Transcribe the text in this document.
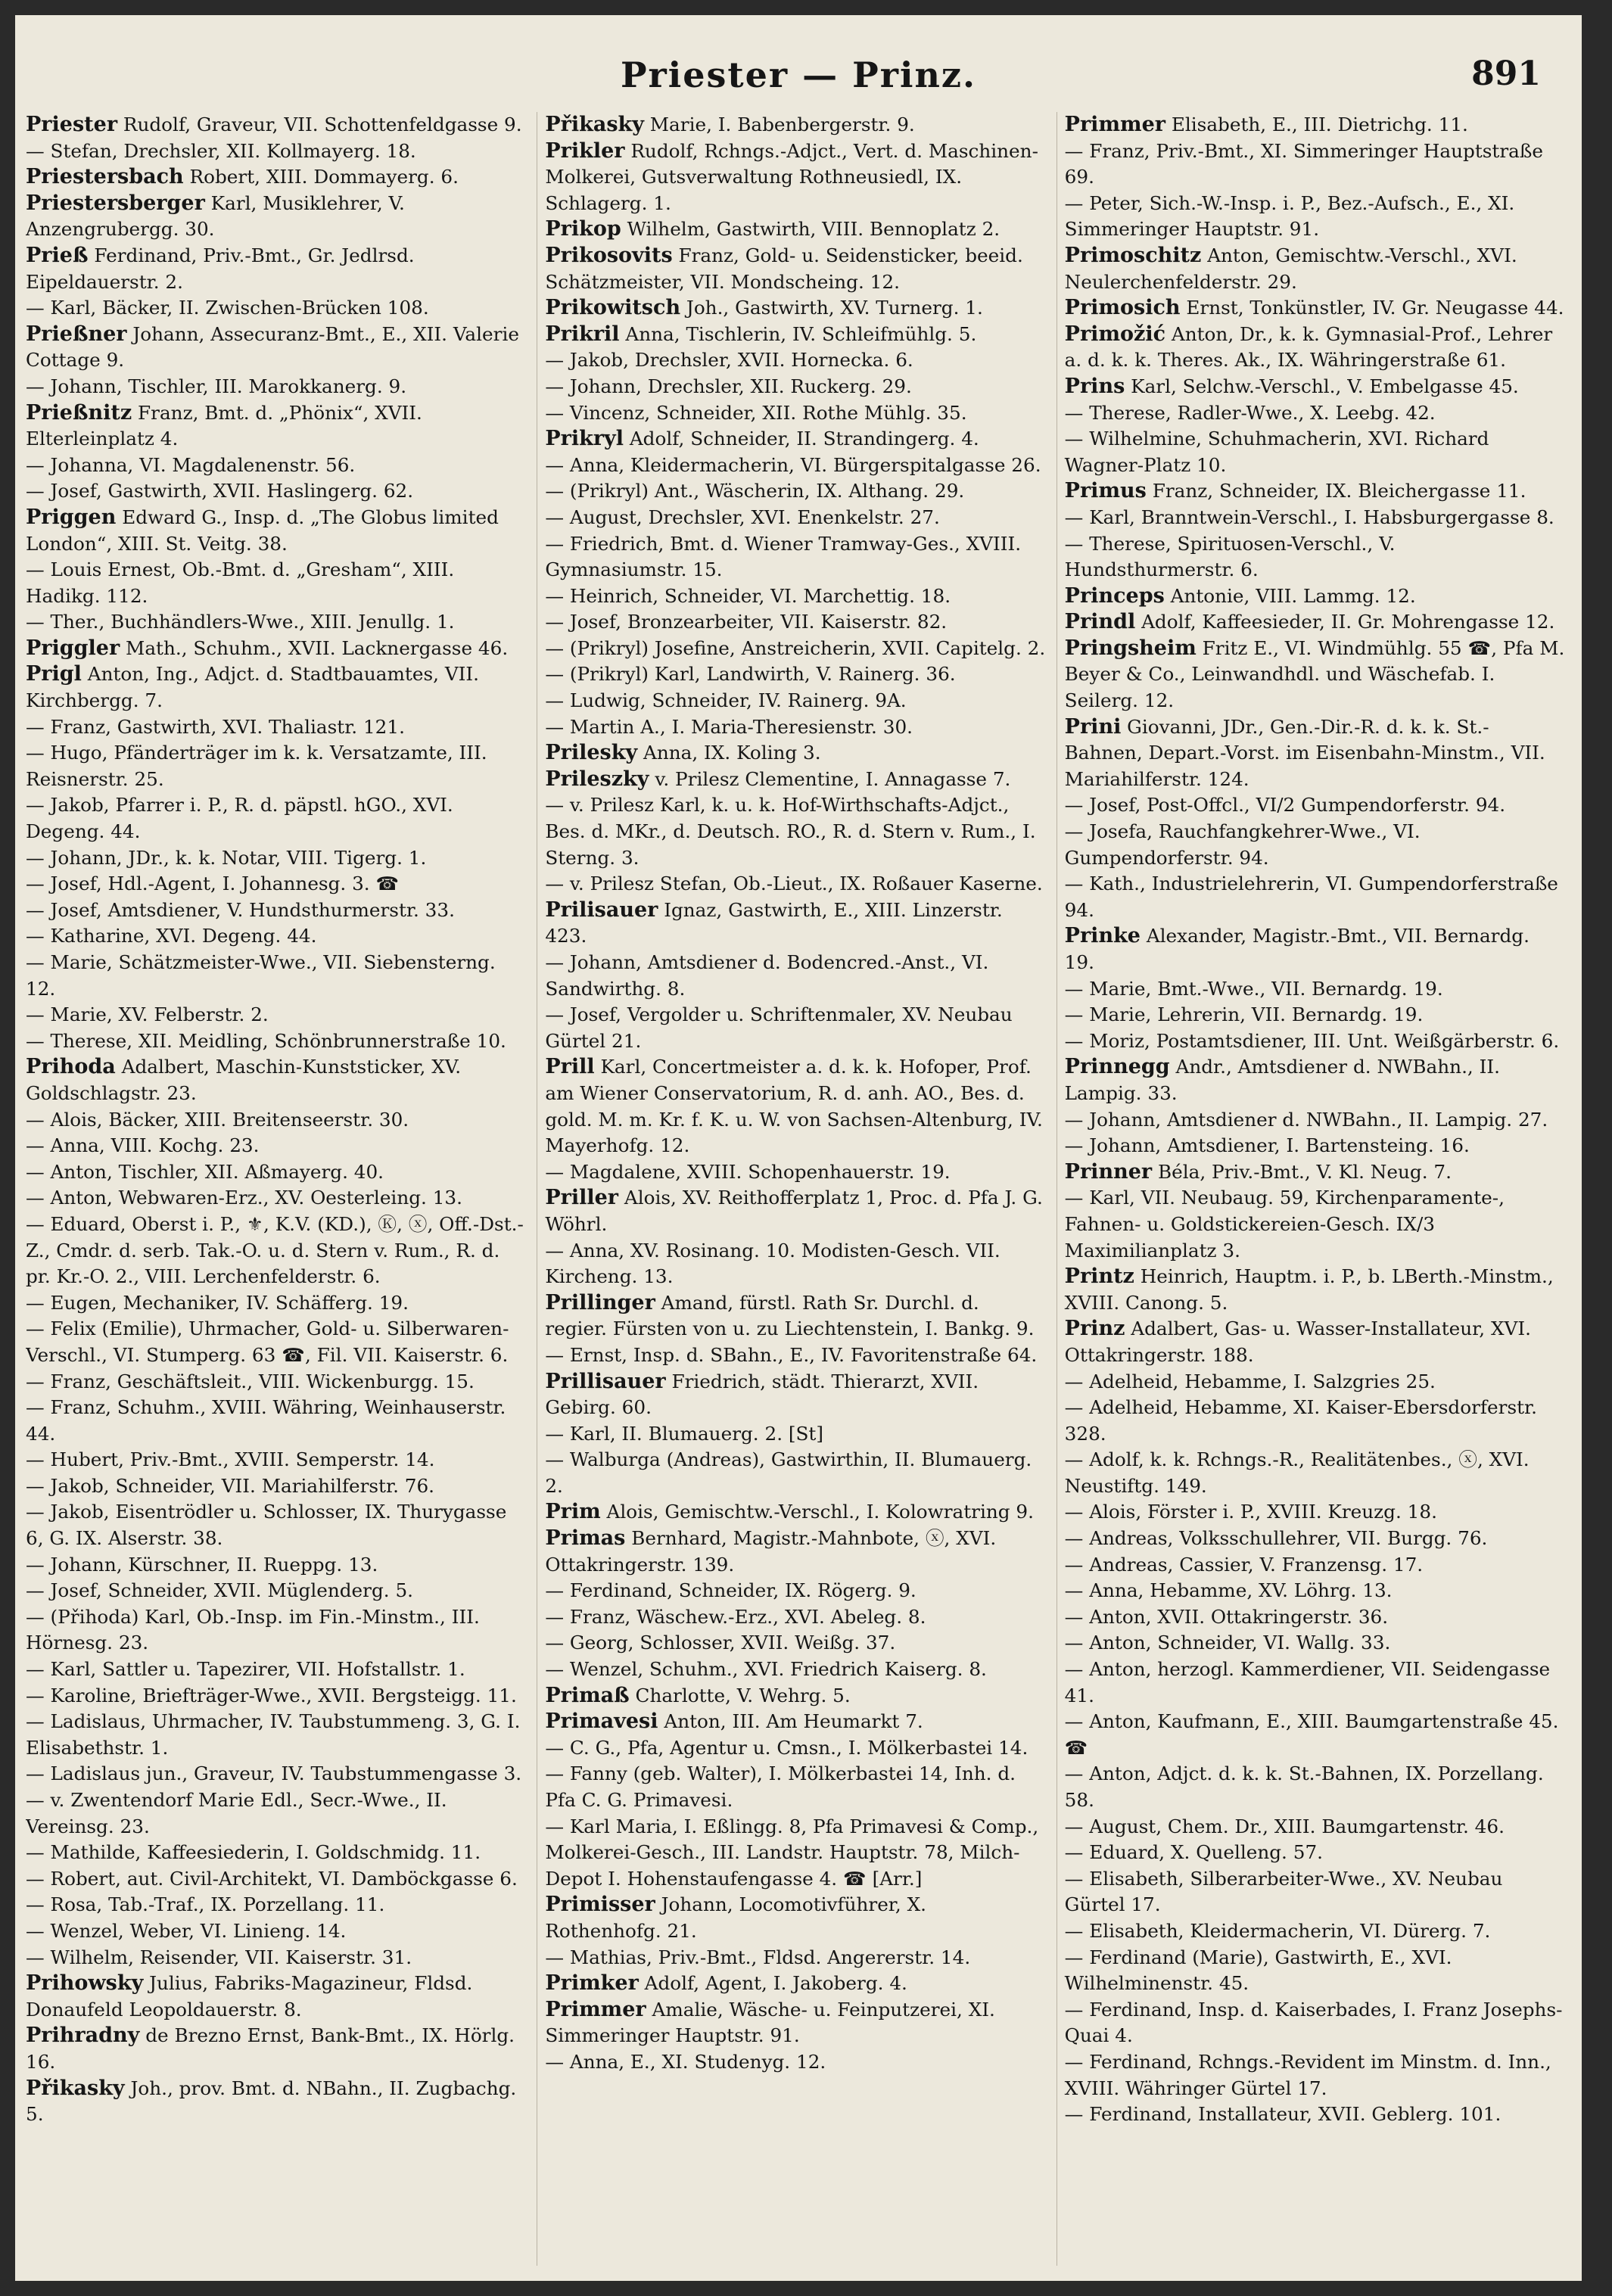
Priester — Prinz.	891
Priester Rudolf, Graveur, VII. Schottenfeldgasse 9.
— Stefan, Drechsler, XII. Kollmayerg. 18.
Priestersbach Robert, XIII. Dommayerg. 6.
Priestersberger Karl, Musiklehrer, V. Anzengrubergg. 30.
Prieß Ferdinand, Priv.-Bmt., Gr. Jedlrsd. Eipeldauerstr. 2.
— Karl, Bäcker, II. Zwischen-Brücken 108.
Prießner Johann, Assecuranz-Bmt., E., XII. Valerie Cottage 9.
— Johann, Tischler, III. Marokkanerg. 9.
Prießnitz Franz, Bmt. d. „Phönix“, XVII. Elterleinplatz 4.
— Johanna, VI. Magdalenenstr. 56.
— Josef, Gastwirth, XVII. Haslingerg. 62.
Priggen Edward G., Insp. d. „The Globus limited London“, XIII. St. Veitg. 38.
— Louis Ernest, Ob.-Bmt. d. „Gresham“, XIII. Hadikg. 112.
— Ther., Buchhändlers-Wwe., XIII. Jenullg. 1.
Priggler Math., Schuhm., XVII. Lacknergasse 46.
Prigl Anton, Ing., Adjct. d. Stadtbauamtes, VII. Kirchbergg. 7.
— Franz, Gastwirth, XVI. Thaliastr. 121.
— Hugo, Pfänderträger im k. k. Versatzamte, III. Reisnerstr. 25.
— Jakob, Pfarrer i. P., R. d. päpstl. hGO., XVI. Degeng. 44.
— Johann, JDr., k. k. Notar, VIII. Tigerg. 1.
— Josef, Hdl.-Agent, I. Johannesg. 3. ☎
— Josef, Amtsdiener, V. Hundsthurmerstr. 33.
— Katharine, XVI. Degeng. 44.
— Marie, Schätzmeister-Wwe., VII. Siebensterng. 12.
— Marie, XV. Felberstr. 2.
— Therese, XII. Meidling, Schönbrunnerstraße 10.
Prihoda Adalbert, Maschin-Kunststicker, XV. Goldschlagstr. 23.
— Alois, Bäcker, XIII. Breitenseerstr. 30.
— Anna, VIII. Kochg. 23.
— Anton, Tischler, XII. Aßmayerg. 40.
— Anton, Webwaren-Erz., XV. Oesterleing. 13.
— Eduard, Oberst i. P., ⚜, K.V. (KD.), Ⓚ, ⓧ, Off.-Dst.-Z., Cmdr. d. serb. Tak.-O. u. d. Stern v. Rum., R. d. pr. Kr.-O. 2., VIII. Lerchenfelderstr. 6.
— Eugen, Mechaniker, IV. Schäfferg. 19.
— Felix (Emilie), Uhrmacher, Gold- u. Silberwaren-Verschl., VI. Stumperg. 63 ☎, Fil. VII. Kaiserstr. 6.
— Franz, Geschäftsleit., VIII. Wickenburgg. 15.
— Franz, Schuhm., XVIII. Währing, Weinhauserstr. 44.
— Hubert, Priv.-Bmt., XVIII. Semperstr. 14.
— Jakob, Schneider, VII. Mariahilferstr. 76.
— Jakob, Eisentrödler u. Schlosser, IX. Thurygasse 6, G. IX. Alserstr. 38.
— Johann, Kürschner, II. Rueppg. 13.
— Josef, Schneider, XVII. Müglenderg. 5.
— (Přihoda) Karl, Ob.-Insp. im Fin.-Minstm., III. Hörnesg. 23.
— Karl, Sattler u. Tapezirer, VII. Hofstallstr. 1.
— Karoline, Briefträger-Wwe., XVII. Bergsteigg. 11.
— Ladislaus, Uhrmacher, IV. Taubstummeng. 3, G. I. Elisabethstr. 1.
— Ladislaus jun., Graveur, IV. Taubstummengasse 3.
— v. Zwentendorf Marie Edl., Secr.-Wwe., II. Vereinsg. 23.
— Mathilde, Kaffeesiederin, I. Goldschmidg. 11.
— Robert, aut. Civil-Architekt, VI. Damböckgasse 6.
— Rosa, Tab.-Traf., IX. Porzellang. 11.
— Wenzel, Weber, VI. Linieng. 14.
— Wilhelm, Reisender, VII. Kaiserstr. 31.
Prihowsky Julius, Fabriks-Magazineur, Fldsd. Donaufeld Leopoldauerstr. 8.
Prihradny de Brezno Ernst, Bank-Bmt., IX. Hörlg. 16.
Přikasky Joh., prov. Bmt. d. NBahn., II. Zugbachg. 5.
Přikasky Marie, I. Babenbergerstr. 9.
Prikler Rudolf, Rchngs.-Adjct., Vert. d. Maschinen-Molkerei, Gutsverwaltung Rothneusiedl, IX. Schlagerg. 1.
Prikop Wilhelm, Gastwirth, VIII. Bennoplatz 2.
Prikosovits Franz, Gold- u. Seidensticker, beeid. Schätzmeister, VII. Mondscheing. 12.
Prikowitsch Joh., Gastwirth, XV. Turnerg. 1.
Prikril Anna, Tischlerin, IV. Schleifmühlg. 5.
— Jakob, Drechsler, XVII. Hornecka. 6.
— Johann, Drechsler, XII. Ruckerg. 29.
— Vincenz, Schneider, XII. Rothe Mühlg. 35.
Prikryl Adolf, Schneider, II. Strandingerg. 4.
— Anna, Kleidermacherin, VI. Bürgerspitalgasse 26.
— (Prikryl) Ant., Wäscherin, IX. Althang. 29.
— August, Drechsler, XVI. Enenkelstr. 27.
— Friedrich, Bmt. d. Wiener Tramway-Ges., XVIII. Gymnasiumstr. 15.
— Heinrich, Schneider, VI. Marchettig. 18.
— Josef, Bronzearbeiter, VII. Kaiserstr. 82.
— (Prikryl) Josefine, Anstreicherin, XVII. Capitelg. 2.
— (Prikryl) Karl, Landwirth, V. Rainerg. 36.
— Ludwig, Schneider, IV. Rainerg. 9A.
— Martin A., I. Maria-Theresienstr. 30.
Prilesky Anna, IX. Koling 3.
Prileszky v. Prilesz Clementine, I. Annagasse 7.
— v. Prilesz Karl, k. u. k. Hof-Wirthschafts-Adjct., Bes. d. MKr., d. Deutsch. RO., R. d. Stern v. Rum., I. Sterng. 3.
— v. Prilesz Stefan, Ob.-Lieut., IX. Roßauer Kaserne.
Prilisauer Ignaz, Gastwirth, E., XIII. Linzerstr. 423.
— Johann, Amtsdiener d. Bodencred.-Anst., VI. Sandwirthg. 8.
— Josef, Vergolder u. Schriftenmaler, XV. Neubau Gürtel 21.
Prill Karl, Concertmeister a. d. k. k. Hofoper, Prof. am Wiener Conservatorium, R. d. anh. AO., Bes. d. gold. M. m. Kr. f. K. u. W. von Sachsen-Altenburg, IV. Mayerhofg. 12.
— Magdalene, XVIII. Schopenhauerstr. 19.
Priller Alois, XV. Reithofferplatz 1, Proc. d. Pfa J. G. Wöhrl.
— Anna, XV. Rosinang. 10. Modisten-Gesch. VII. Kircheng. 13.
Prillinger Amand, fürstl. Rath Sr. Durchl. d. regier. Fürsten von u. zu Liechtenstein, I. Bankg. 9.
— Ernst, Insp. d. SBahn., E., IV. Favoritenstraße 64.
Prillisauer Friedrich, städt. Thierarzt, XVII. Gebirg. 60.
— Karl, II. Blumauerg. 2. [St]
— Walburga (Andreas), Gastwirthin, II. Blumauerg. 2.
Prim Alois, Gemischtw.-Verschl., I. Kolowratring 9.
Primas Bernhard, Magistr.-Mahnbote, ⓧ, XVI. Ottakringerstr. 139.
— Ferdinand, Schneider, IX. Rögerg. 9.
— Franz, Wäschew.-Erz., XVI. Abeleg. 8.
— Georg, Schlosser, XVII. Weißg. 37.
— Wenzel, Schuhm., XVI. Friedrich Kaiserg. 8.
Primaß Charlotte, V. Wehrg. 5.
Primavesi Anton, III. Am Heumarkt 7.
— C. G., Pfa, Agentur u. Cmsn., I. Mölkerbastei 14.
— Fanny (geb. Walter), I. Mölkerbastei 14, Inh. d. Pfa C. G. Primavesi.
— Karl Maria, I. Eßlingg. 8, Pfa Primavesi & Comp., Molkerei-Gesch., III. Landstr. Hauptstr. 78, Milch-Depot I. Hohenstaufengasse 4. ☎ [Arr.]
Primisser Johann, Locomotivführer, X. Rothenhofg. 21.
— Mathias, Priv.-Bmt., Fldsd. Angererstr. 14.
Primker Adolf, Agent, I. Jakoberg. 4.
Primmer Amalie, Wäsche- u. Feinputzerei, XI. Simmeringer Hauptstr. 91.
— Anna, E., XI. Studenyg. 12.
Primmer Elisabeth, E., III. Dietrichg. 11.
— Franz, Priv.-Bmt., XI. Simmeringer Hauptstraße 69.
— Peter, Sich.-W.-Insp. i. P., Bez.-Aufsch., E., XI. Simmeringer Hauptstr. 91.
Primoschitz Anton, Gemischtw.-Verschl., XVI. Neulerchenfelderstr. 29.
Primosich Ernst, Tonkünstler, IV. Gr. Neugasse 44.
Primožić Anton, Dr., k. k. Gymnasial-Prof., Lehrer a. d. k. k. Theres. Ak., IX. Währingerstraße 61.
Prins Karl, Selchw.-Verschl., V. Embelgasse 45.
— Therese, Radler-Wwe., X. Leebg. 42.
— Wilhelmine, Schuhmacherin, XVI. Richard Wagner-Platz 10.
Primus Franz, Schneider, IX. Bleichergasse 11.
— Karl, Branntwein-Verschl., I. Habsburgergasse 8.
— Therese, Spirituosen-Verschl., V. Hundsthurmerstr. 6.
Princeps Antonie, VIII. Lammg. 12.
Prindl Adolf, Kaffeesieder, II. Gr. Mohrengasse 12.
Pringsheim Fritz E., VI. Windmühlg. 55 ☎, Pfa M. Beyer & Co., Leinwandhdl. und Wäschefab. I. Seilerg. 12.
Prini Giovanni, JDr., Gen.-Dir.-R. d. k. k. St.-Bahnen, Depart.-Vorst. im Eisenbahn-Minstm., VII. Mariahilferstr. 124.
— Josef, Post-Offcl., VI/2 Gumpendorferstr. 94.
— Josefa, Rauchfangkehrer-Wwe., VI. Gumpendorferstr. 94.
— Kath., Industrielehrerin, VI. Gumpendorferstraße 94.
Prinke Alexander, Magistr.-Bmt., VII. Bernardg. 19.
— Marie, Bmt.-Wwe., VII. Bernardg. 19.
— Marie, Lehrerin, VII. Bernardg. 19.
— Moriz, Postamtsdiener, III. Unt. Weißgärberstr. 6.
Prinnegg Andr., Amtsdiener d. NWBahn., II. Lampig. 33.
— Johann, Amtsdiener d. NWBahn., II. Lampig. 27.
— Johann, Amtsdiener, I. Bartensteing. 16.
Prinner Béla, Priv.-Bmt., V. Kl. Neug. 7.
— Karl, VII. Neubaug. 59, Kirchenparamente-, Fahnen- u. Goldstickereien-Gesch. IX/3 Maximilianplatz 3.
Printz Heinrich, Hauptm. i. P., b. LBerth.-Minstm., XVIII. Canong. 5.
Prinz Adalbert, Gas- u. Wasser-Installateur, XVI. Ottakringerstr. 188.
— Adelheid, Hebamme, I. Salzgries 25.
— Adelheid, Hebamme, XI. Kaiser-Ebersdorferstr. 328.
— Adolf, k. k. Rchngs.-R., Realitätenbes., ⓧ, XVI. Neustiftg. 149.
— Alois, Förster i. P., XVIII. Kreuzg. 18.
— Andreas, Volksschullehrer, VII. Burgg. 76.
— Andreas, Cassier, V. Franzensg. 17.
— Anna, Hebamme, XV. Löhrg. 13.
— Anton, XVII. Ottakringerstr. 36.
— Anton, Schneider, VI. Wallg. 33.
— Anton, herzogl. Kammerdiener, VII. Seidengasse 41.
— Anton, Kaufmann, E., XIII. Baumgartenstraße 45. ☎
— Anton, Adjct. d. k. k. St.-Bahnen, IX. Porzellang. 58.
— August, Chem. Dr., XIII. Baumgartenstr. 46.
— Eduard, X. Quelleng. 57.
— Elisabeth, Silberarbeiter-Wwe., XV. Neubau Gürtel 17.
— Elisabeth, Kleidermacherin, VI. Dürerg. 7.
— Ferdinand (Marie), Gastwirth, E., XVI. Wilhelminenstr. 45.
— Ferdinand, Insp. d. Kaiserbades, I. Franz Josephs-Quai 4.
— Ferdinand, Rchngs.-Revident im Minstm. d. Inn., XVIII. Währinger Gürtel 17.
— Ferdinand, Installateur, XVII. Geblerg. 101.
